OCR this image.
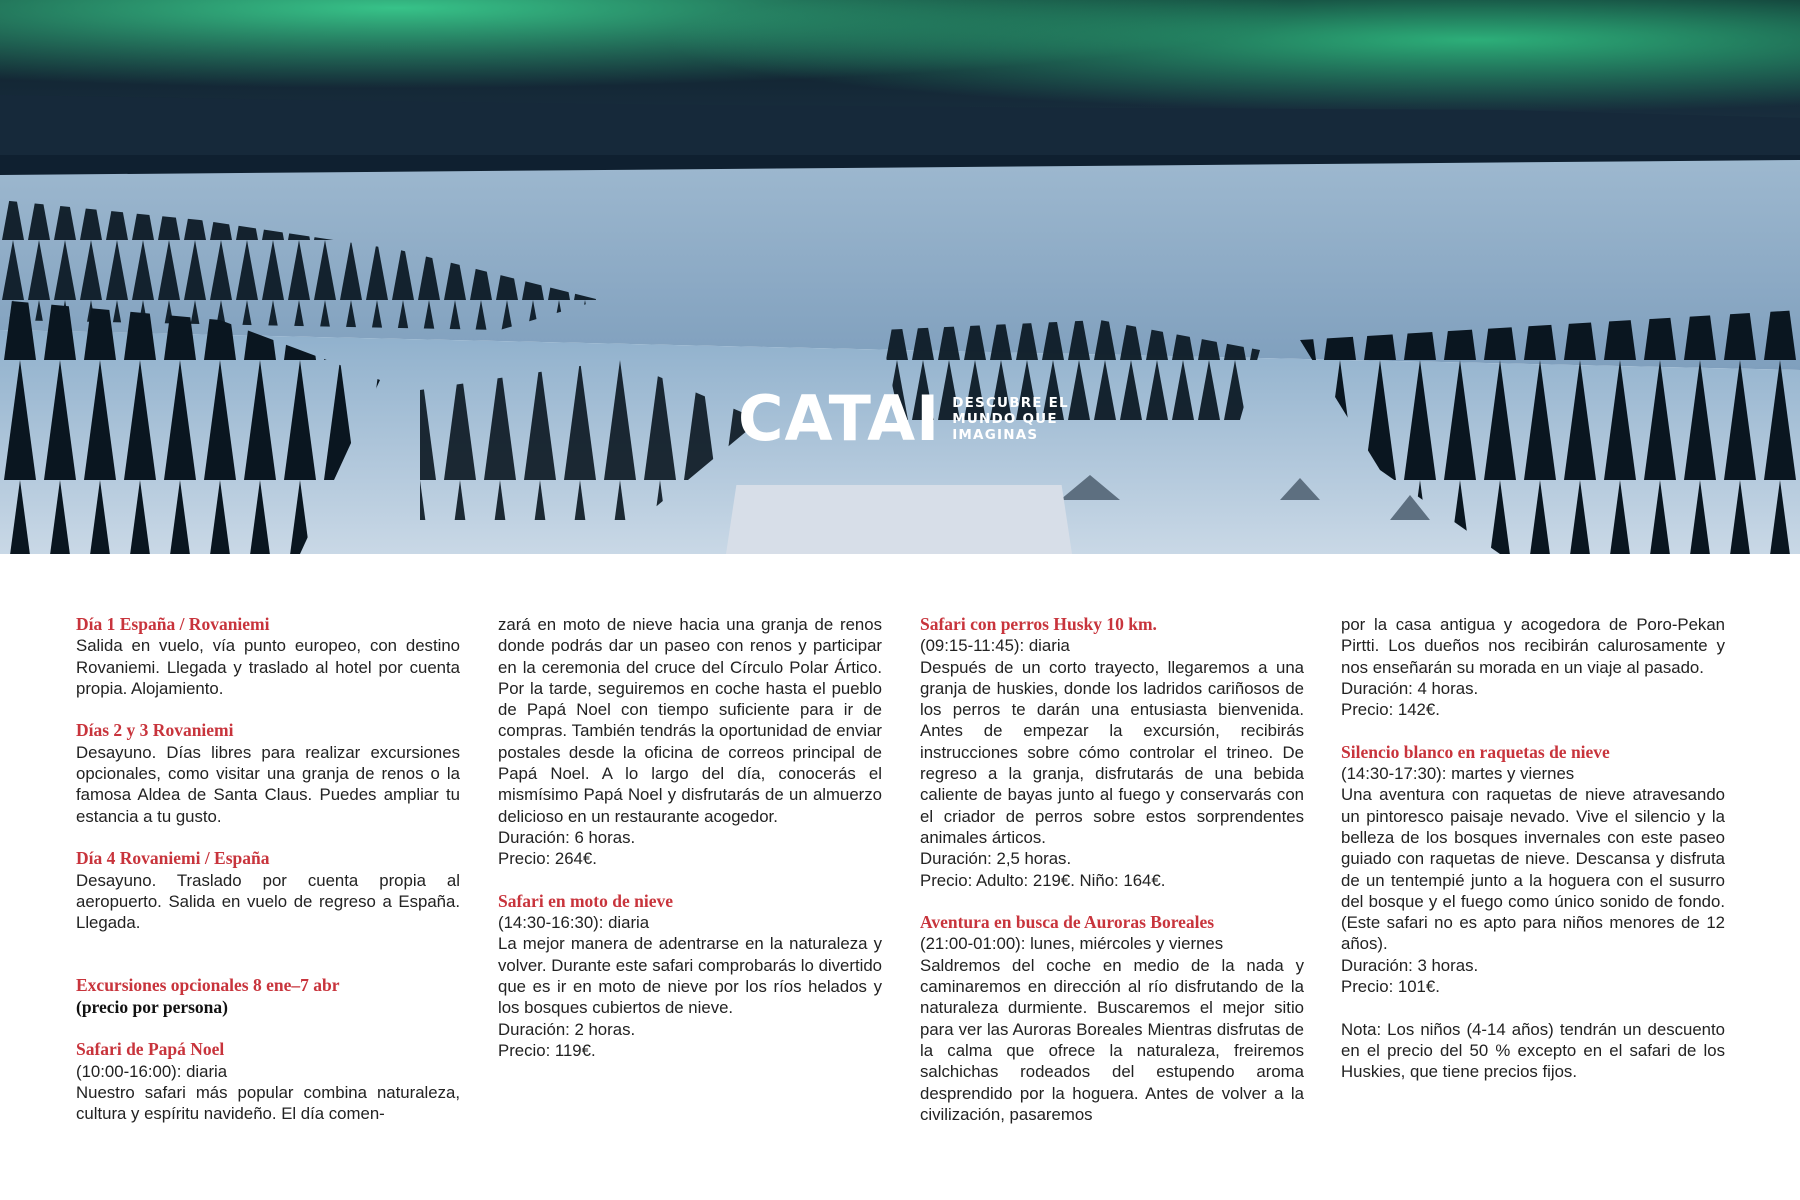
CATAI DESCUBRE EL
MUNDO QUE
IMAGINAS

Día 1 España / Rovaniemi

Salida en vuelo, vía punto europeo, con destino Rovaniemi. Llegada y traslado al hotel por cuenta propia. Alojamiento.

Días 2 y 3 Rovaniemi

Desayuno. Días libres para realizar excursiones opcionales, como visitar una granja de renos o la famosa Aldea de Santa Claus. Puedes ampliar tu estancia a tu gusto.

Día 4 Rovaniemi / España

Desayuno. Traslado por cuenta propia al aeropuerto. Salida en vuelo de regreso a España. Llegada.

Excursiones opcionales 8 ene–7 abr

(precio por persona)

Safari de Papá Noel

(10:00-16:00): diaria

Nuestro safari más popular combina naturaleza, cultura y espíritu navideño. El día comen-

zará en moto de nieve hacia una granja de renos donde podrás dar un paseo con renos y participar en la ceremonia del cruce del Círculo Polar Ártico. Por la tarde, seguiremos en coche hasta el pueblo de Papá Noel con tiempo suficiente para ir de compras. También tendrás la oportunidad de enviar postales desde la oficina de correos principal de Papá Noel. A lo largo del día, conocerás el mismísimo Papá Noel y disfrutarás de un almuerzo delicioso en un restaurante acogedor.

Duración: 6 horas.

Precio: 264€.

Safari en moto de nieve

(14:30-16:30): diaria

La mejor manera de adentrarse en la naturaleza y volver. Durante este safari comprobarás lo divertido que es ir en moto de nieve por los ríos helados y los bosques cubiertos de nieve.

Duración: 2 horas.

Precio: 119€.

Safari con perros Husky 10 km.

(09:15-11:45): diaria

Después de un corto trayecto, llegaremos a una granja de huskies, donde los ladridos cariñosos de los perros te darán una entusiasta bienvenida. Antes de empezar la excursión, recibirás instrucciones sobre cómo controlar el trineo. De regreso a la granja, disfrutarás de una bebida caliente de bayas junto al fuego y conservarás con el criador de perros sobre estos sorprendentes animales árticos.

Duración: 2,5 horas.

Precio: Adulto: 219€. Niño: 164€.

Aventura en busca de Auroras Boreales

(21:00-01:00): lunes, miércoles y viernes

Saldremos del coche en medio de la nada y caminaremos en dirección al río disfrutando de la naturaleza durmiente. Buscaremos el mejor sitio para ver las Auroras Boreales Mientras disfrutas de la calma que ofrece la naturaleza, freiremos salchichas rodeados del estupendo aroma desprendido por la hoguera. Antes de volver a la civilización, pasaremos

por la casa antigua y acogedora de Poro-Pekan Pirtti. Los dueños nos recibirán calurosamente y nos enseñarán su morada en un viaje al pasado.

Duración: 4 horas.

Precio: 142€.

Silencio blanco en raquetas de nieve

(14:30-17:30): martes y viernes

Una aventura con raquetas de nieve atravesando un pintoresco paisaje nevado. Vive el silencio y la belleza de los bosques invernales con este paseo guiado con raquetas de nieve. Descansa y disfruta de un tentempié junto a la hoguera con el susurro del bosque y el fuego como único sonido de fondo. (Este safari no es apto para niños menores de 12 años).

Duración: 3 horas.

Precio: 101€.

Nota: Los niños (4-14 años) tendrán un descuento en el precio del 50 % excepto en el safari de los Huskies, que tiene precios fijos.
